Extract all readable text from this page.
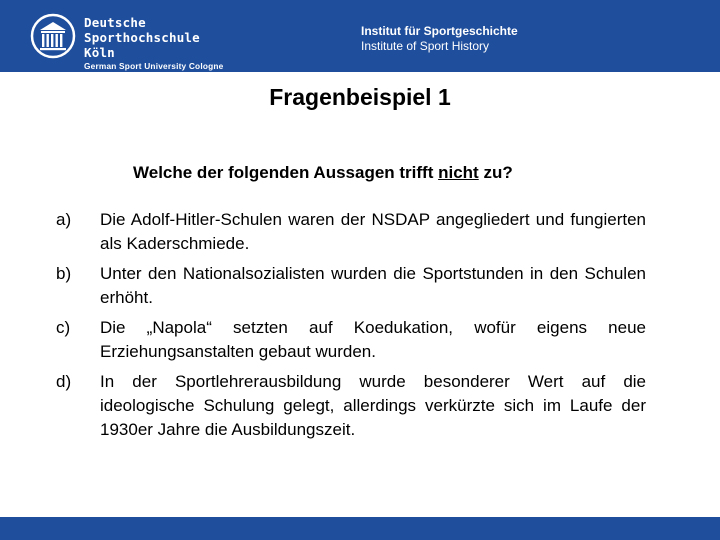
Deutsche
Sporthochschule Köln
German Sport University Cologne
Institut für Sportgeschichte
Institute of Sport History
Fragenbeispiel 1
Welche der folgenden Aussagen trifft nicht zu?
a) Die Adolf-Hitler-Schulen waren der NSDAP angegliedert und fungierten als Kaderschmiede.
b) Unter den Nationalsozialisten wurden die Sportstunden in den Schulen erhöht.
c) Die „Napola“ setzten auf Koedukation, wofür eigens neue Erziehungsanstalten gebaut wurden.
d) In der Sportlehrerausbildung wurde besonderer Wert auf die ideologische Schulung gelegt, allerdings verkürzte sich im Laufe der 1930er Jahre die Ausbildungszeit.
